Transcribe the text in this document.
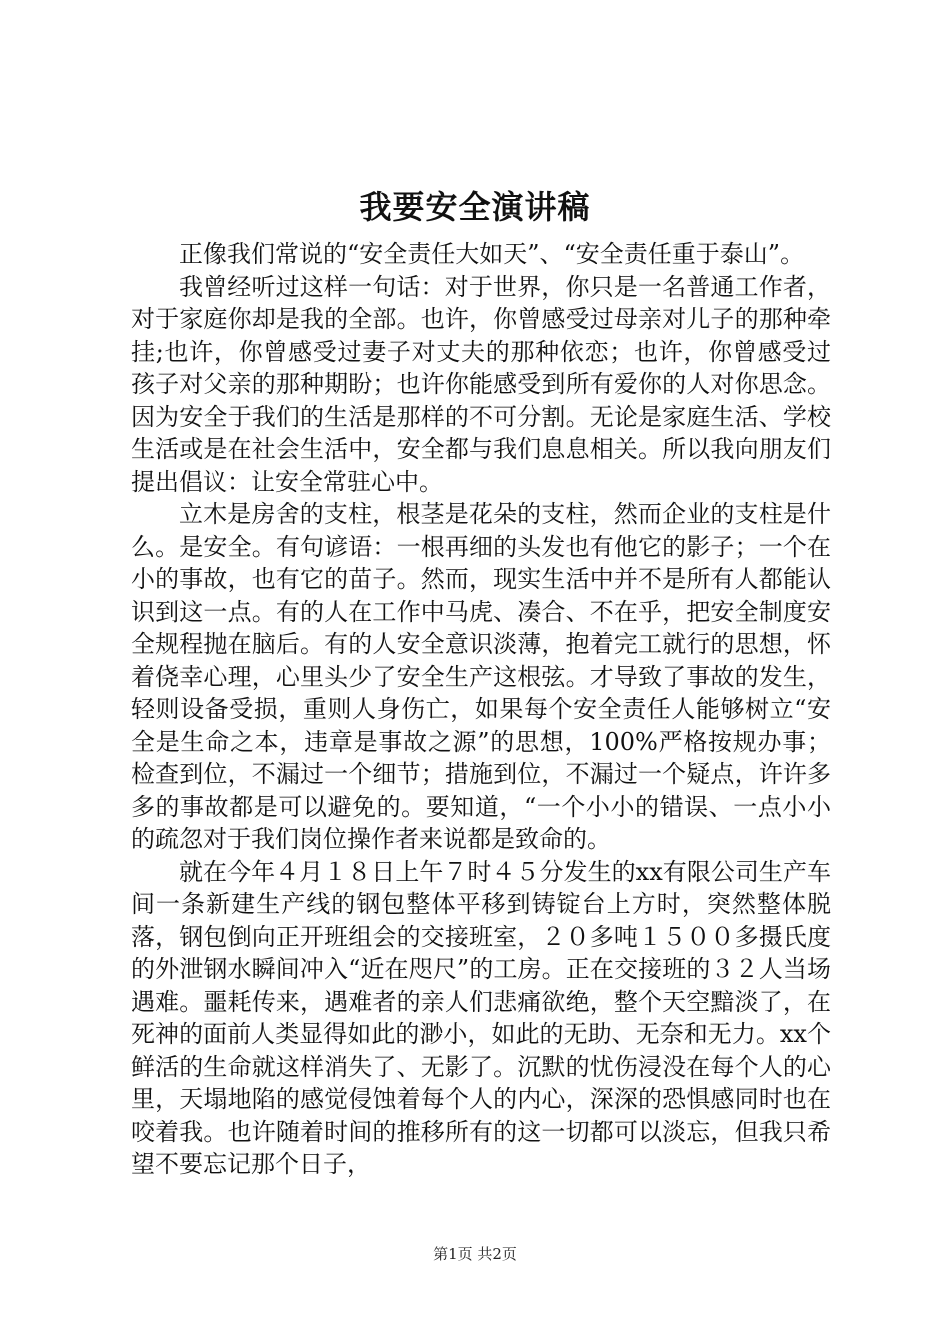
我要安全演讲稿

正像我们常说的“安全责任大如天”、“安全责任重于泰山”。

我曾经听过这样一句话：对于世界，你只是一名普通工作者，对于家庭你却是我的全部。也许，你曾感受过母亲对儿子的那种牵挂;也许，你曾感受过妻子对丈夫的那种依恋；也许，你曾感受过孩子对父亲的那种期盼；也许你能感受到所有爱你的人对你思念。因为安全于我们的生活是那样的不可分割。无论是家庭生活、学校生活或是在社会生活中，安全都与我们息息相关。所以我向朋友们提出倡议：让安全常驻心中。

立木是房舍的支柱，根茎是花朵的支柱，然而企业的支柱是什么。是安全。有句谚语：一根再细的头发也有他它的影子；一个在小的事故，也有它的苗子。然而，现实生活中并不是所有人都能认识到这一点。有的人在工作中马虎、凑合、不在乎，把安全制度安全规程抛在脑后。有的人安全意识淡薄，抱着完工就行的思想，怀着侥幸心理，心里头少了安全生产这根弦。才导致了事故的发生，轻则设备受损，重则人身伤亡，如果每个安全责任人能够树立“安全是生命之本，违章是事故之源”的思想，100%严格按规办事；检查到位，不漏过一个细节；措施到位，不漏过一个疑点，许许多多的事故都是可以避免的。要知道，“一个小小的错误、一点小小的疏忽对于我们岗位操作者来说都是致命的。

就在今年４月１８日上午７时４５分发生的xx有限公司生产车间一条新建生产线的钢包整体平移到铸锭台上方时，突然整体脱落，钢包倒向正开班组会的交接班室，２０多吨１５００多摄氏度的外泄钢水瞬间冲入“近在咫尺”的工房。正在交接班的３２人当场遇难。噩耗传来，遇难者的亲人们悲痛欲绝，整个天空黯淡了，在死神的面前人类显得如此的渺小，如此的无助、无奈和无力。xx个鲜活的生命就这样消失了、无影了。沉默的忧伤浸没在每个人的心里，天塌地陷的感觉侵蚀着每个人的内心，深深的恐惧感同时也在咬着我。也许随着时间的推移所有的这一切都可以淡忘，但我只希望不要忘记那个日子，

第1页 共2页
